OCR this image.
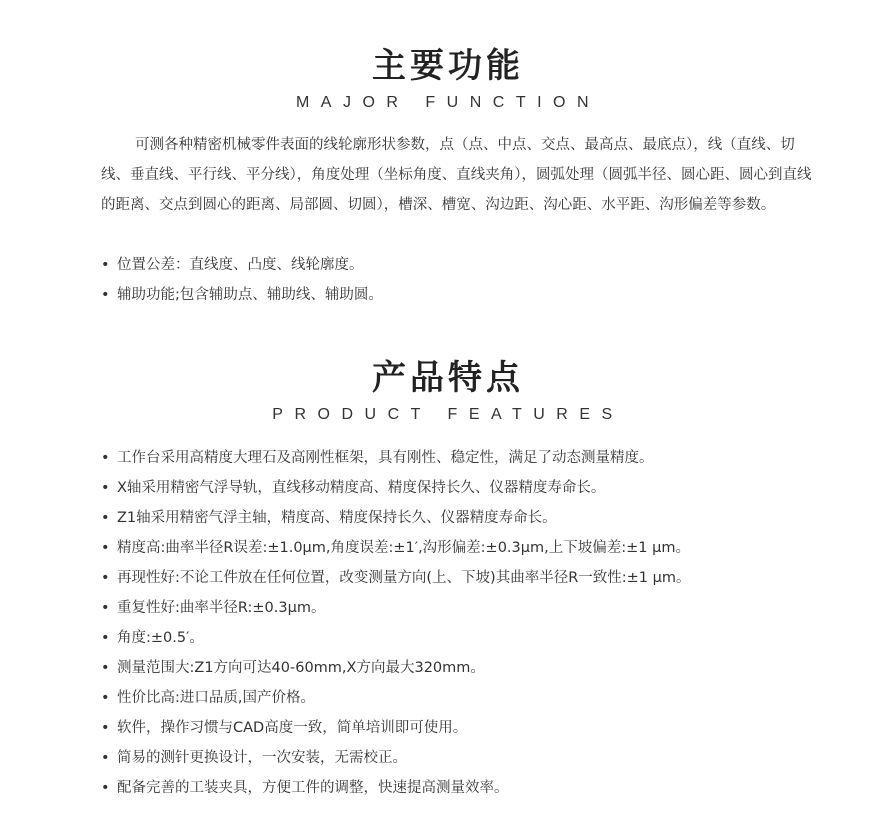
主要功能
MAJOR FUNCTION

可测各种精密机械零件表面的线轮廓形状参数，点（点、中点、交点、最高点、最底点），线（直线、切线、垂直线、平行线、平分线），角度处理（坐标角度、直线夹角），圆弧处理（圆弧半径、圆心距、圆心到直线的距离、交点到圆心的距离、局部圆、切圆），槽深、槽宽、沟边距、沟心距、水平距、沟形偏差等参数。

• 位置公差：直线度、凸度、线轮廓度。
• 辅助功能;包含辅助点、辅助线、辅助圆。
产品特点
PRODUCT FEATURES
• 工作台采用高精度大理石及高刚性框架，具有刚性、稳定性，满足了动态测量精度。
• X轴采用精密气浮导轨，直线移动精度高、精度保持长久、仪器精度寿命长。
• Z1轴采用精密气浮主轴，精度高、精度保持长久、仪器精度寿命长。
• 精度高:曲率半径R误差:±1.0μm,角度误差:±1′,沟形偏差:±0.3μm,上下坡偏差:±1 μm。
• 再现性好:不论工件放在任何位置，改变测量方向(上、下坡)其曲率半径R一致性:±1 μm。
• 重复性好:曲率半径R:±0.3μm。
• 角度:±0.5′。
• 测量范围大:Z1方向可达40-60mm,X方向最大320mm。
• 性价比高:进口品质,国产价格。
• 软件，操作习惯与CAD高度一致，简单培训即可使用。
• 简易的测针更换设计，一次安装，无需校正。
• 配备完善的工装夹具，方便工件的调整，快速提高测量效率。
